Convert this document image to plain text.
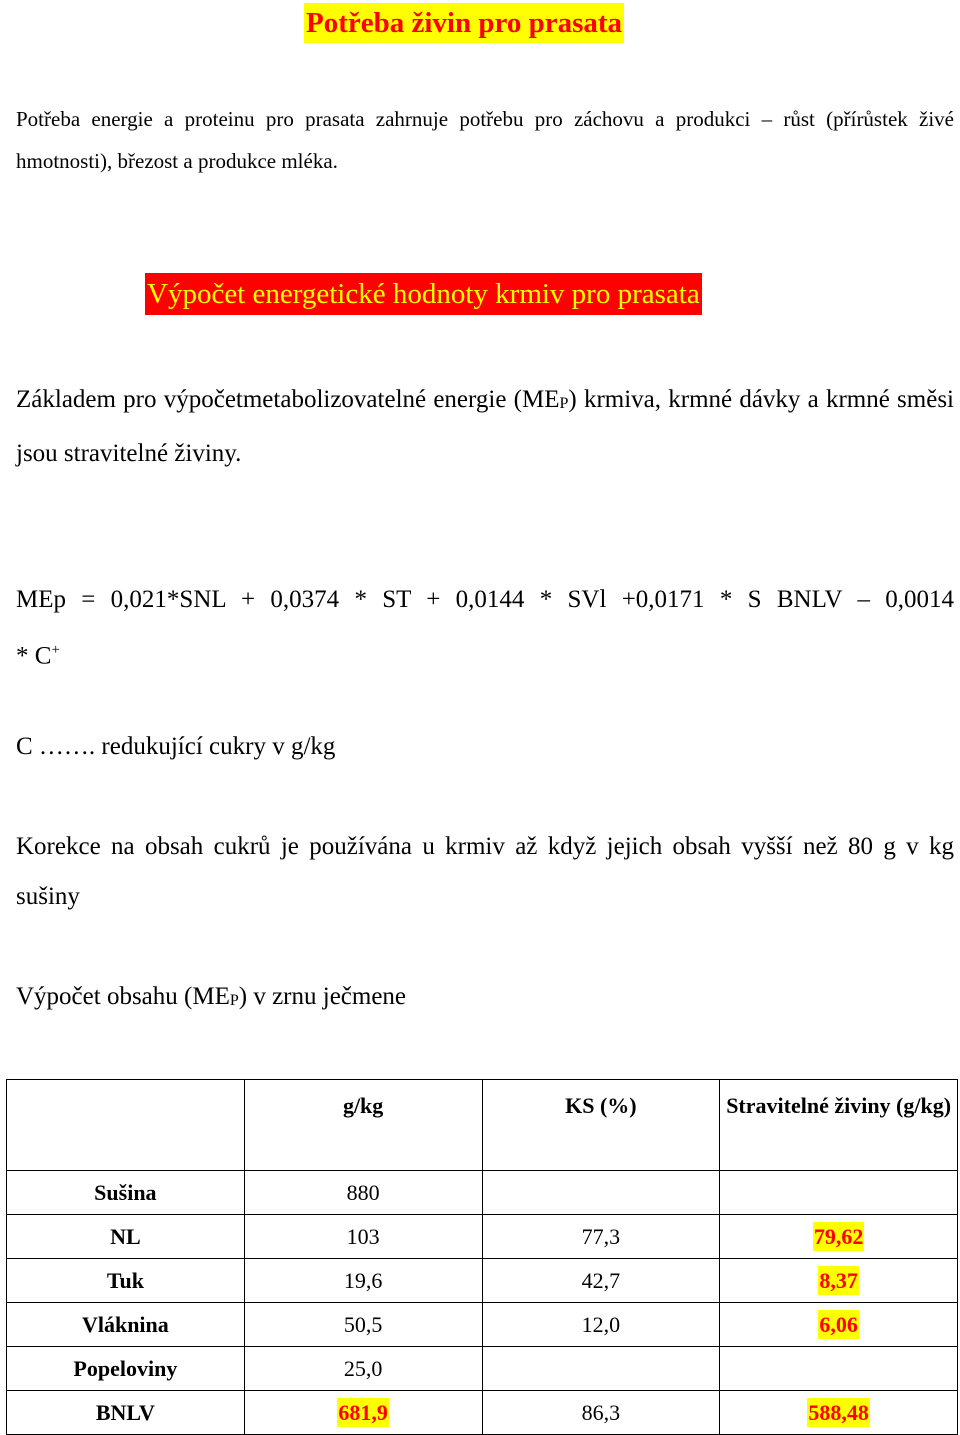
Potřeba živin pro prasata
Potřeba energie a proteinu pro prasata zahrnuje potřebu pro záchovu a produkci – růst (přírůstek živé hmotnosti), březost a produkce mléka.
Výpočet energetické hodnoty krmiv pro prasata
Základem pro výpočetmetabolizovatelné energie $(ME_P)$ krmiva, krmné dávky a krmné směsi jsou stravitelné živiny.
MEp = 0,021*SNL + 0,0374 * ST + 0,0144 * SVl +0,0171 * S BNLV – 0,0014
* C+
C ……. redukující cukry v g/kg
Korekce na obsah cukrů je používána u krmiv až když jejich obsah vyšší než 80 g v kg sušiny
Výpočet obsahu $(ME_P)$ v zrnu ječmene
	g/kg	KS (%)	Stravitelné živiny (g/kg)
Sušina	880		
NL	103	77,3	79,62
Tuk	19,6	42,7	8,37
Vláknina	50,5	12,0	6,06
Popeloviny	25,0		
BNLV	681,9	86,3	588,48
